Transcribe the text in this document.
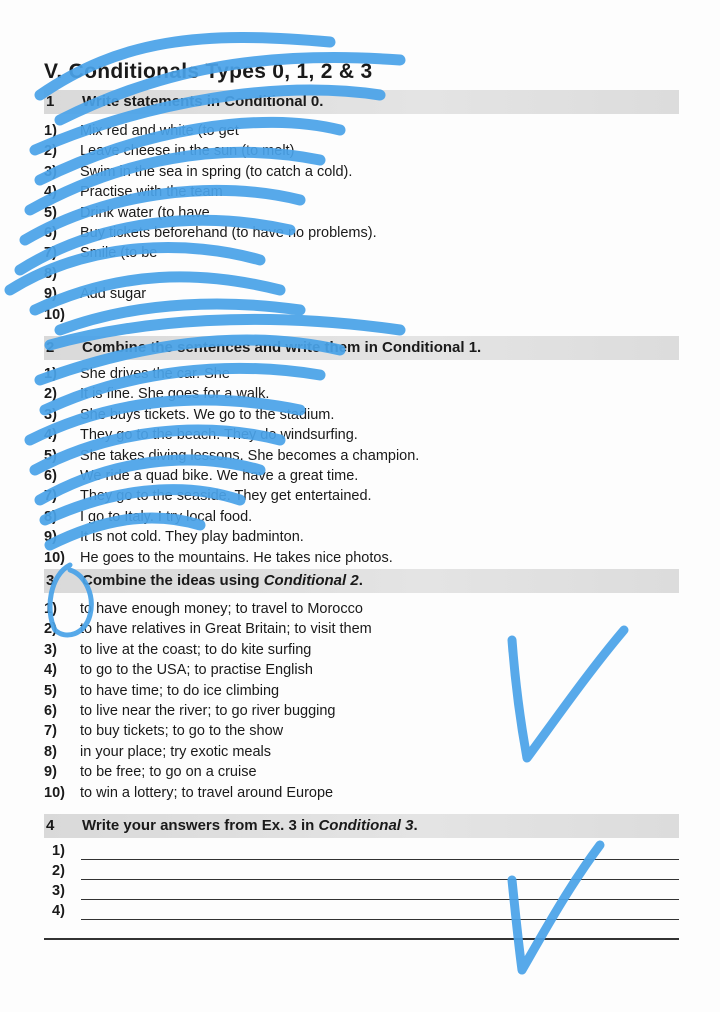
V. Conditionals Types 0, 1, 2 & 3
1 Write statements in Conditional 0.
1) Mix red and white (to get
2) Leave cheese in the sun (to melt)
3) Swim in the sea in spring (to catch a cold).
4) Practise with the team
5) Drink water (to have
6) Buy tickets beforehand (to have no problems).
7) Smile (to be
8)
9) Add sugar
10)
2 Combine the sentences and write them in Conditional 1.
1) She drives the car. She
2) It is fine. She goes for a walk.
3) She buys tickets. We go to the stadium.
4) They go to the beach. They do windsurfing.
5) She takes diving lessons. She becomes a champion.
6) We ride a quad bike. We have a great time.
7) They go to the seaside. They get entertained.
8) I go to Italy. I try local food.
9) It is not cold. They play badminton.
10) He goes to the mountains. He takes nice photos.
3 Combine the ideas using Conditional 2.
1) to have enough money; to travel to Morocco
2) to have relatives in Great Britain; to visit them
3) to live at the coast; to do kite surfing
4) to go to the USA; to practise English
5) to have time; to do ice climbing
6) to live near the river; to go river bugging
7) to buy tickets; to go to the show
8) in your place; try exotic meals
9) to be free; to go on a cruise
10) to win a lottery; to travel around Europe
4 Write your answers from Ex. 3 in Conditional 3.
1)
2)
3)
4)
